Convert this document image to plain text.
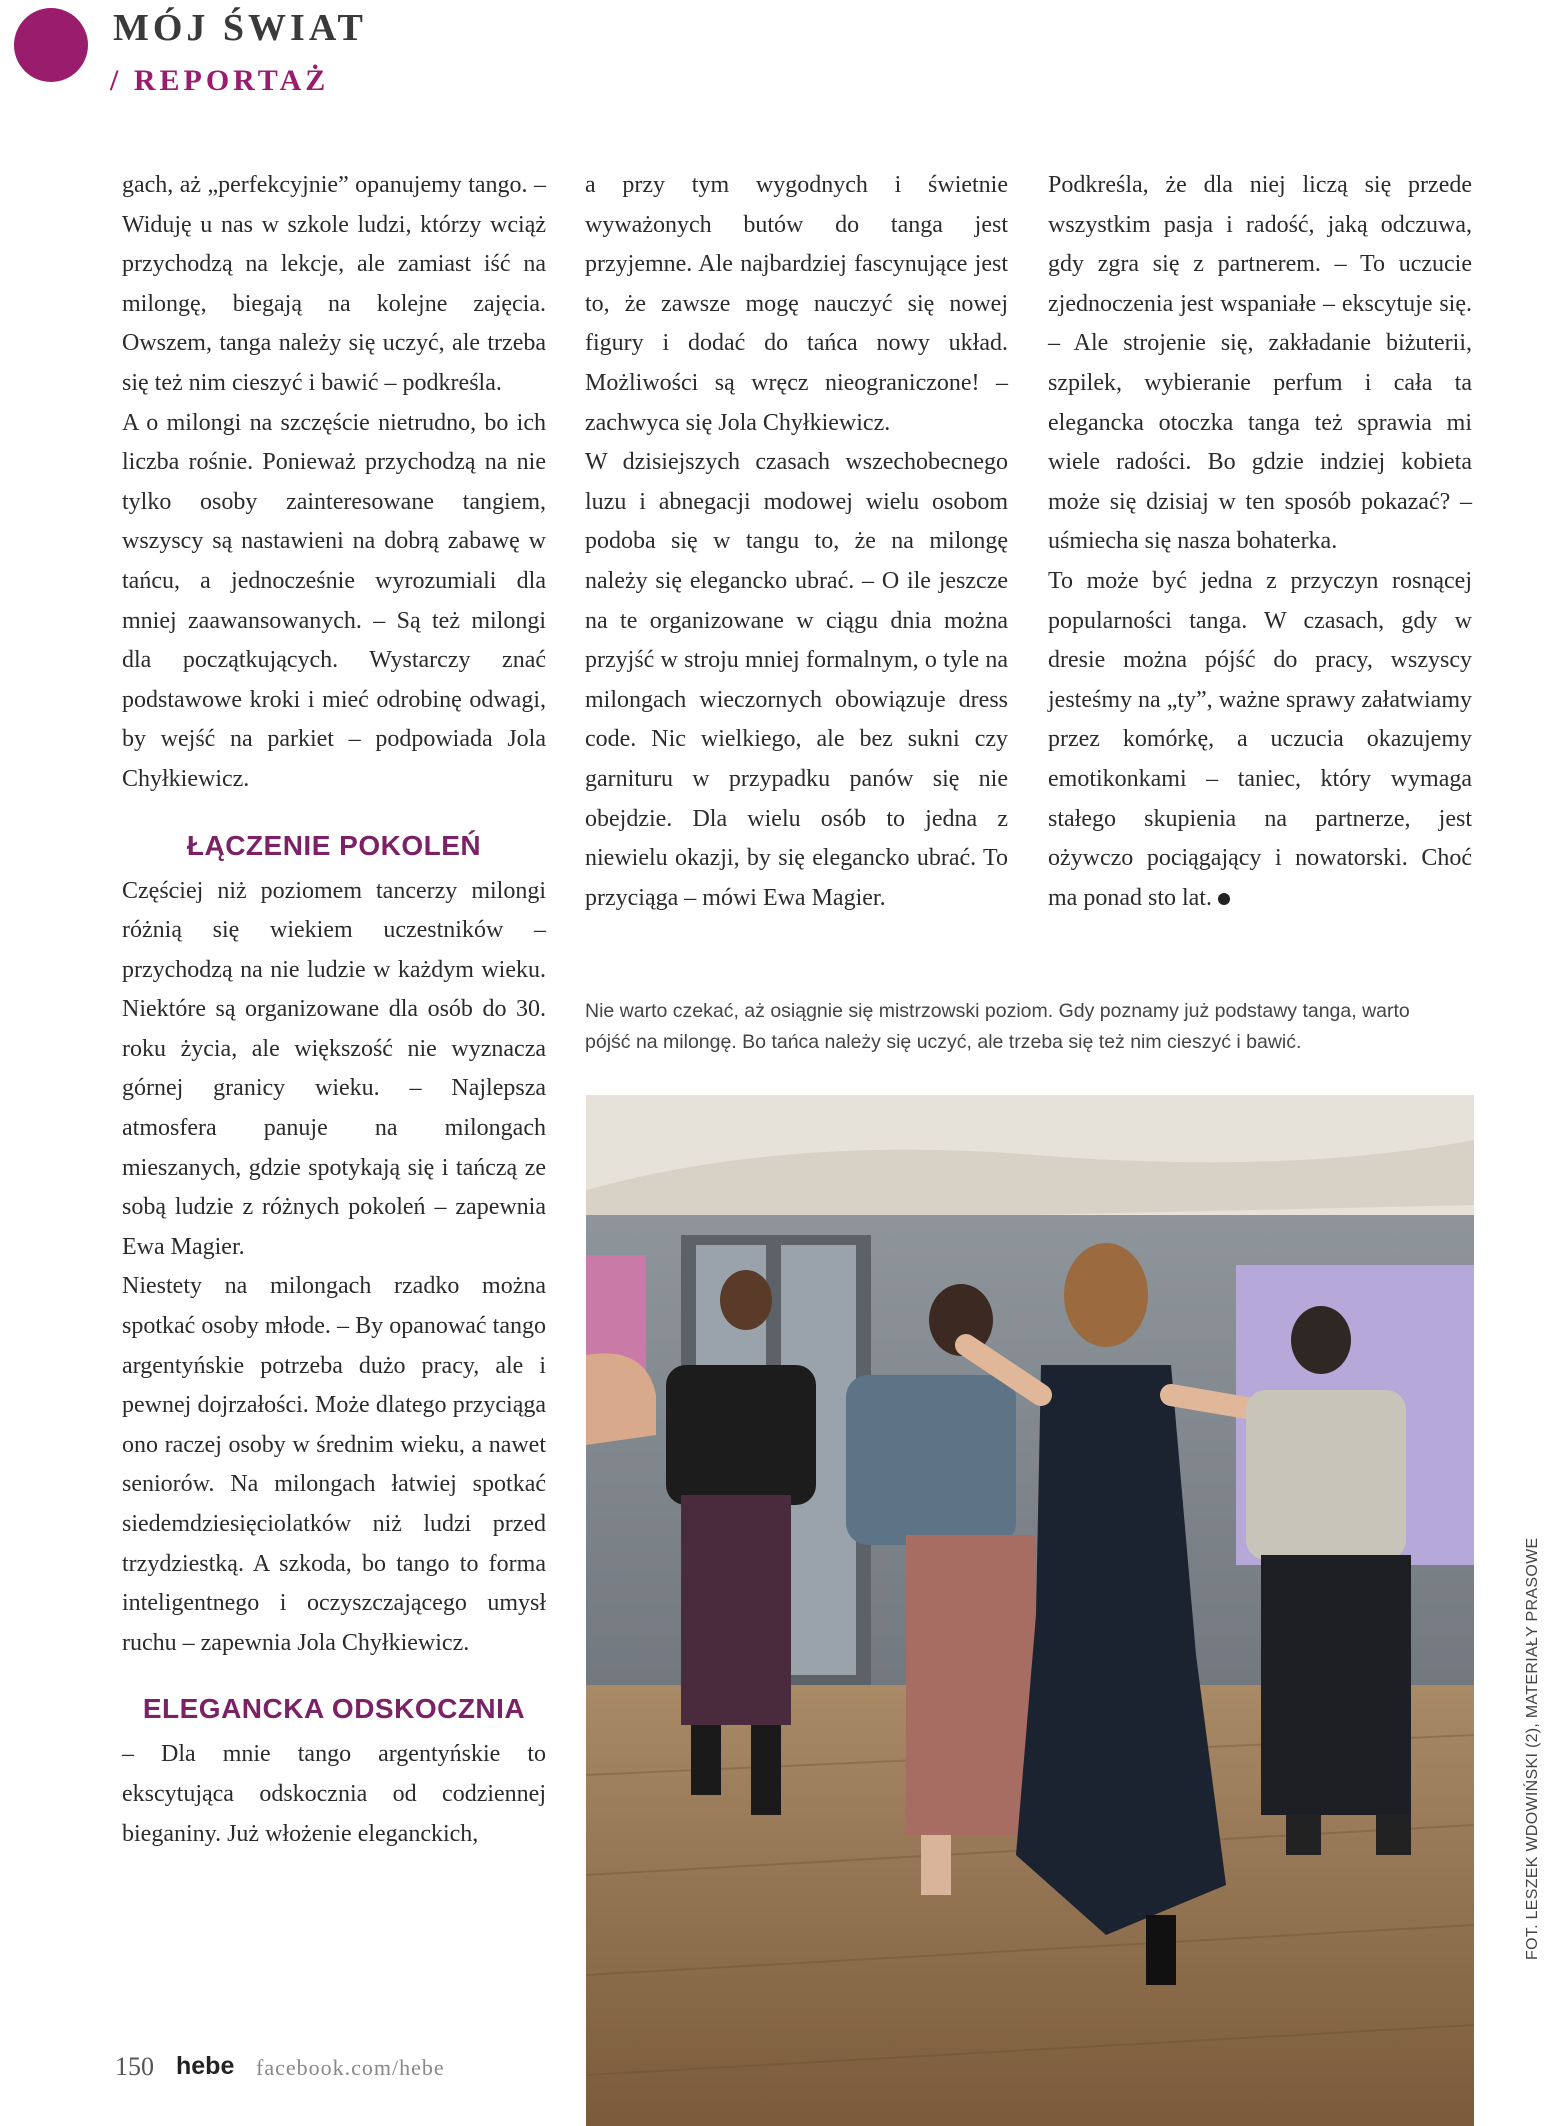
MÓJ ŚWIAT
/ REPORTAŻ

gach, aż „perfekcyjnie” opanujemy tango. – Widuję u nas w szkole ludzi, którzy wciąż przychodzą na lekcje, ale zamiast iść na milongę, biegają na kolejne zajęcia. Owszem, tanga należy się uczyć, ale trzeba się też nim cieszyć i bawić – podkreśla.

A o milongi na szczęście nietrudno, bo ich liczba rośnie. Ponieważ przychodzą na nie tylko osoby zainteresowane tangiem, wszyscy są nastawieni na dobrą zabawę w tańcu, a jednocześnie wyrozumiali dla mniej zaawansowanych. – Są też milongi dla początkujących. Wystarczy znać podstawowe kroki i mieć odrobinę odwagi, by wejść na parkiet – podpowiada Jola Chyłkiewicz.

ŁĄCZENIE POKOLEŃ

Częściej niż poziomem tancerzy milongi różnią się wiekiem uczestników – przychodzą na nie ludzie w każdym wieku. Niektóre są organizowane dla osób do 30. roku życia, ale większość nie wyznacza górnej granicy wieku. – Najlepsza atmosfera panuje na milongach mieszanych, gdzie spotykają się i tańczą ze sobą ludzie z różnych pokoleń – zapewnia Ewa Magier.

Niestety na milongach rzadko można spotkać osoby młode. – By opanować tango argentyńskie potrzeba dużo pracy, ale i pewnej dojrzałości. Może dlatego przyciąga ono raczej osoby w średnim wieku, a nawet seniorów. Na milongach łatwiej spotkać siedemdziesięciolatków niż ludzi przed trzydziestką. A szkoda, bo tango to forma inteligentnego i oczyszczającego umysł ruchu – zapewnia Jola Chyłkiewicz.

ELEGANCKA ODSKOCZNIA

– Dla mnie tango argentyńskie to ekscytująca odskocznia od codziennej bieganiny. Już włożenie eleganckich,

a przy tym wygodnych i świetnie wyważonych butów do tanga jest przyjemne. Ale najbardziej fascynujące jest to, że zawsze mogę nauczyć się nowej figury i dodać do tańca nowy układ. Możliwości są wręcz nieograniczone! – zachwyca się Jola Chyłkiewicz.

W dzisiejszych czasach wszechobecnego luzu i abnegacji modowej wielu osobom podoba się w tangu to, że na milongę należy się elegancko ubrać. – O ile jeszcze na te organizowane w ciągu dnia można przyjść w stroju mniej formalnym, o tyle na milongach wieczornych obowiązuje dress code. Nic wielkiego, ale bez sukni czy garnituru w przypadku panów się nie obejdzie. Dla wielu osób to jedna z niewielu okazji, by się elegancko ubrać. To przyciąga – mówi Ewa Magier.

Podkreśla, że dla niej liczą się przede wszystkim pasja i radość, jaką odczuwa, gdy zgra się z partnerem. – To uczucie zjednoczenia jest wspaniałe – ekscytuje się. – Ale strojenie się, zakładanie biżuterii, szpilek, wybieranie perfum i cała ta elegancka otoczka tanga też sprawia mi wiele radości. Bo gdzie indziej kobieta może się dzisiaj w ten sposób pokazać? – uśmiecha się nasza bohaterka.

To może być jedna z przyczyn rosnącej popularności tanga. W czasach, gdy w dresie można pójść do pracy, wszyscy jesteśmy na „ty”, ważne sprawy załatwiamy przez komórkę, a uczucia okazujemy emotikonkami – taniec, który wymaga stałego skupienia na partnerze, jest ożywczo pociągający i nowatorski. Choć ma ponad sto lat.

Nie warto czekać, aż osiągnie się mistrzowski poziom. Gdy poznamy już podstawy tanga, warto pójść na milongę. Bo tańca należy się uczyć, ale trzeba się też nim cieszyć i bawić.
FOT. LESZEK WDOWIŃSKI (2), MATERIAŁY PRASOWE
150 hebe facebook.com/hebe
